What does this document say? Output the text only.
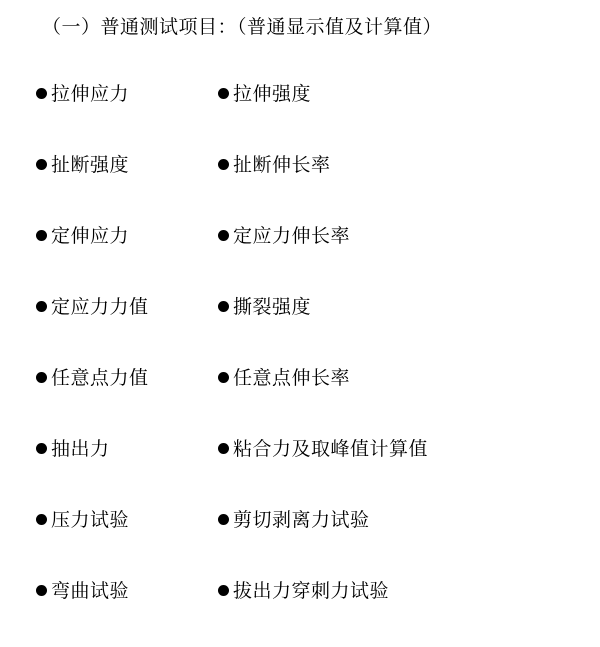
（一）普通测试项目：（普通显示值及计算值）
拉伸应力	拉伸强度
扯断强度	扯断伸长率
定伸应力	定应力伸长率
定应力力值	撕裂强度
任意点力值	任意点伸长率
抽出力	粘合力及取峰值计算值
压力试验	剪切剥离力试验
弯曲试验	拔出力穿刺力试验
